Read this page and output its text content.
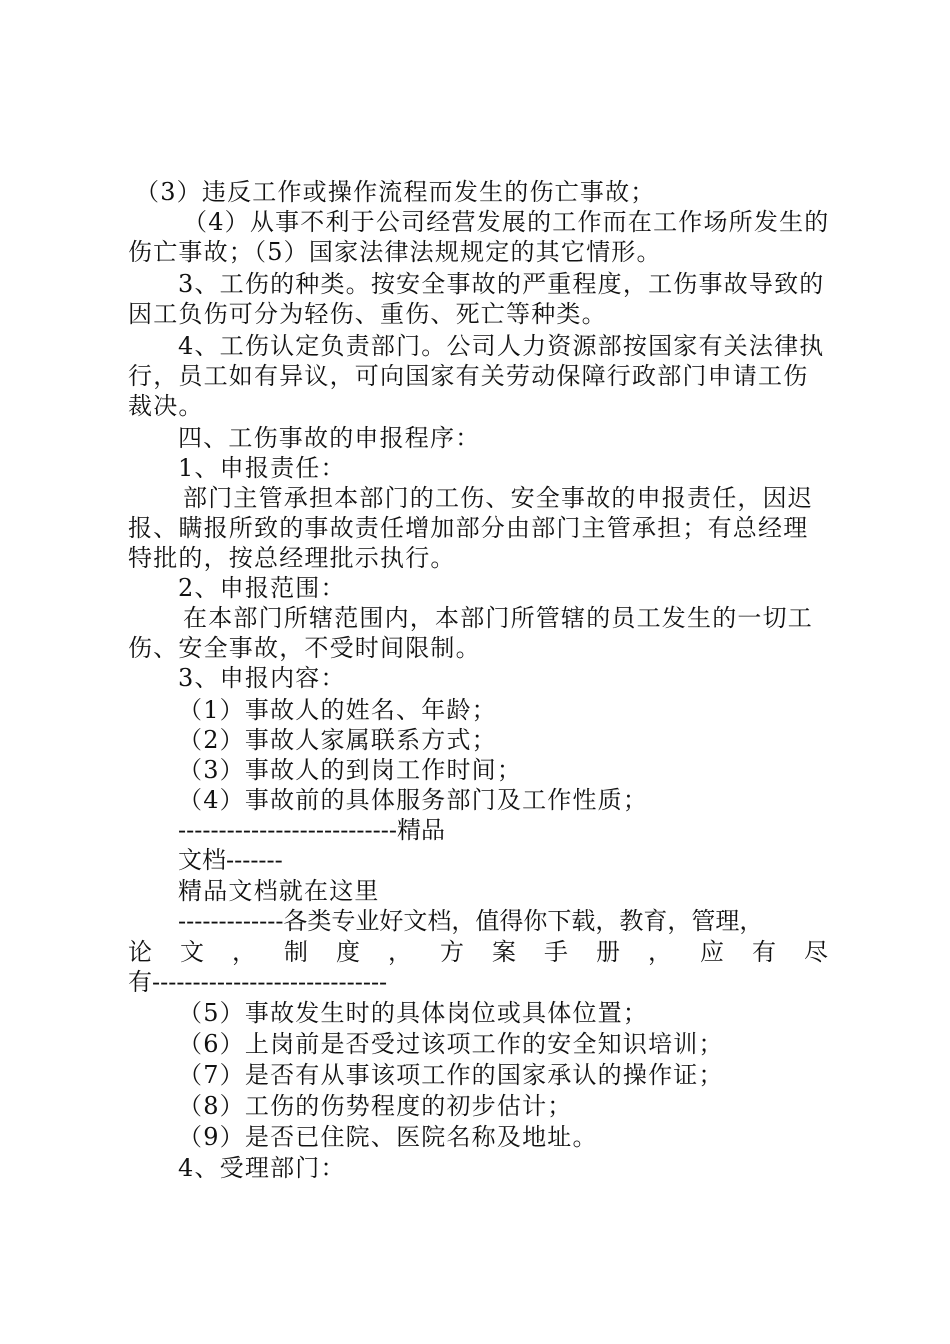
（3）违反工作或操作流程而发生的伤亡事故；
（4）从事不利于公司经营发展的工作而在工作场所发生的
伤亡事故；（5）国家法律法规规定的其它情形。
3、工伤的种类。按安全事故的严重程度，工伤事故导致的
因工负伤可分为轻伤、重伤、死亡等种类。
4、工伤认定负责部门。公司人力资源部按国家有关法律执
行，员工如有异议，可向国家有关劳动保障行政部门申请工伤
裁决。
四、工伤事故的申报程序：
1、申报责任：
部门主管承担本部门的工伤、安全事故的申报责任，因迟
报、瞒报所致的事故责任增加部分由部门主管承担；有总经理
特批的，按总经理批示执行。
2、申报范围：
在本部门所辖范围内，本部门所管辖的员工发生的一切工
伤、安全事故，不受时间限制。
3、申报内容：
（1）事故人的姓名、年龄；
（2）事故人家属联系方式；
（3）事故人的到岗工作时间；
（4）事故前的具体服务部门及工作性质；
---------------------------精品
文档-------
精品文档就在这里
-------------各类专业好文档，值得你下载，教育，管理，
论 文 ， 制 度 ， 方 案 手 册 ， 应 有 尽
有-----------------------------
（5）事故发生时的具体岗位或具体位置；
（6）上岗前是否受过该项工作的安全知识培训；
（7）是否有从事该项工作的国家承认的操作证；
（8）工伤的伤势程度的初步估计；
（9）是否已住院、医院名称及地址。
4、受理部门：
